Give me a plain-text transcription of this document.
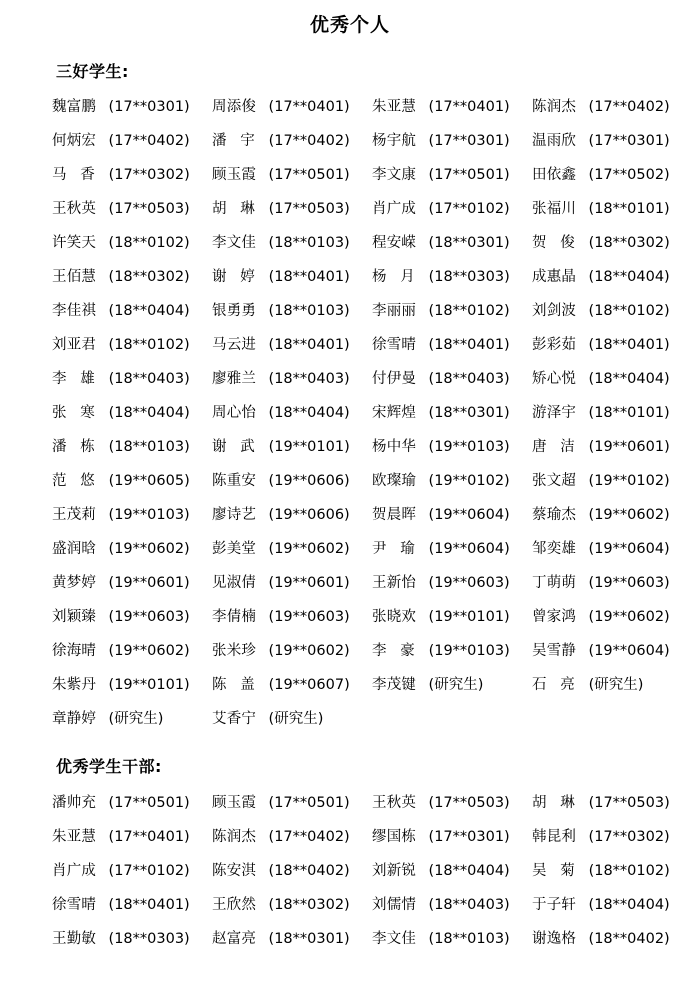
优秀个人
三好学生:
魏富鹏 (17**0301)	周添俊 (17**0401)	朱亚慧 (17**0401)	陈润杰 (17**0402)
何炳宏 (17**0402)	潘宇(17**0402)	杨宇航 (17**0301)	温雨欣 (17**0301)
马香(17**0302)	顾玉霞 (17**0501)	李文康 (17**0501)	田依鑫 (17**0502)
王秋英 (17**0503)	胡琳(17**0503)	肖广成 (17**0102)	张福川 (18**0101)
许笑天 (18**0102)	李文佳 (18**0103)	程安嵘 (18**0301)	贺俊(18**0302)
王佰慧 (18**0302)	谢婷(18**0401)	杨月(18**0303)	成惠晶 (18**0404)
李佳祺 (18**0404)	银勇勇 (18**0103)	李丽丽 (18**0102)	刘剑波 (18**0102)
刘亚君 (18**0102)	马云进 (18**0401)	徐雪晴 (18**0401)	彭彩茹 (18**0401)
李雄(18**0403)	廖雅兰 (18**0403)	付伊曼 (18**0403)	矫心悦 (18**0404)
张寒(18**0404)	周心怡 (18**0404)	宋辉煌 (18**0301)	游泽宇 (18**0101)
潘栋(18**0103)	谢武(19**0101)	杨中华 (19**0103)	唐洁(19**0601)
范悠(19**0605)	陈重安 (19**0606)	欧璨瑜 (19**0102)	张文超 (19**0102)
王茂莉 (19**0103)	廖诗艺 (19**0606)	贺晨晖 (19**0604)	蔡瑜杰 (19**0602)
盛润晗 (19**0602)	彭美堂 (19**0602)	尹瑜(19**0604)	邹奕雄 (19**0604)
黄梦婷 (19**0601)	见淑倩 (19**0601)	王新怡 (19**0603)	丁萌萌 (19**0603)
刘颖臻 (19**0603)	李倩楠 (19**0603)	张晓欢 (19**0101)	曾家鸿 (19**0602)
徐海晴 (19**0602)	张米珍 (19**0602)	李豪(19**0103)	吴雪静 (19**0604)
朱紫丹 (19**0101)	陈盖(19**0607)	李茂键 (研究生)	石亮(研究生)
章静婷 (研究生)	艾香宁 (研究生)
优秀学生干部:
潘帅充 (17**0501)	顾玉霞 (17**0501)	王秋英 (17**0503)	胡琳(17**0503)
朱亚慧 (17**0401)	陈润杰 (17**0402)	缪国栋 (17**0301)	韩昆利 (17**0302)
肖广成 (17**0102)	陈安淇 (18**0402)	刘新锐 (18**0404)	吴菊(18**0102)
徐雪晴 (18**0401)	王欣然 (18**0302)	刘儒情 (18**0403)	于子轩 (18**0404)
王勤敏 (18**0303)	赵富亮 (18**0301)	李文佳 (18**0103)	谢逸格 (18**0402)
